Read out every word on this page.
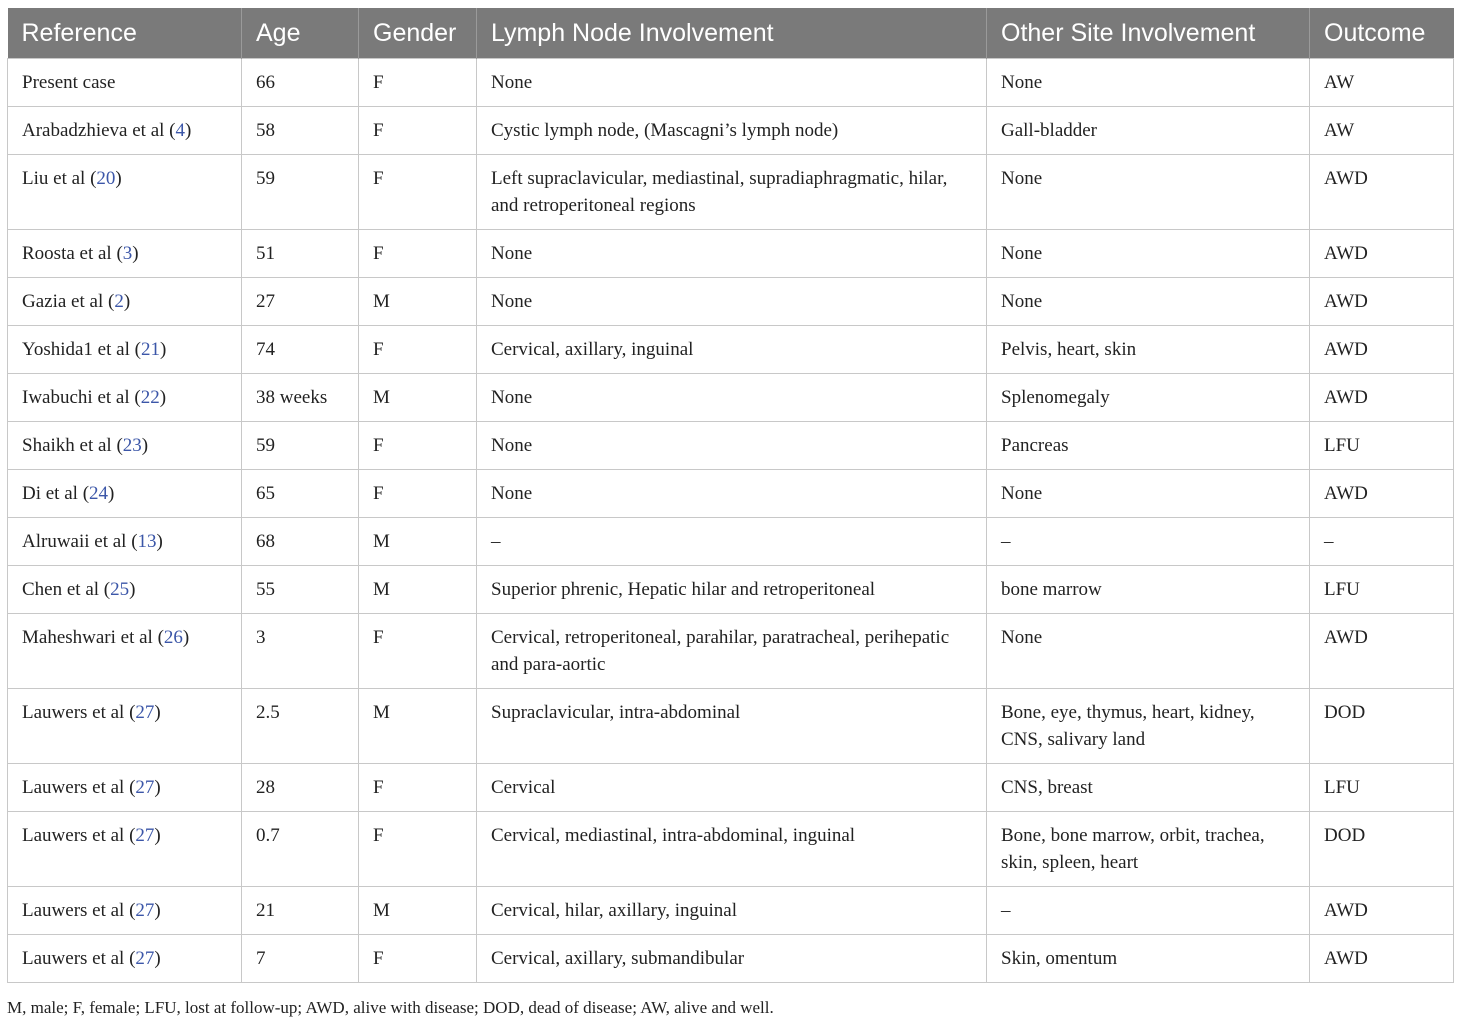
Reference	Age	Gender	Lymph Node Involvement	Other Site Involvement	Outcome
Present case	66	F	None	None	AW
Arabadzhieva et al (4)	58	F	Cystic lymph node, (Mascagni’s lymph node)	Gall-bladder	AW
Liu et al (20)	59	F	Left supraclavicular, mediastinal, supradiaphragmatic, hilar, and retroperitoneal regions	None	AWD
Roosta et al (3)	51	F	None	None	AWD
Gazia et al (2)	27	M	None	None	AWD
Yoshida1 et al (21)	74	F	Cervical, axillary, inguinal	Pelvis, heart, skin	AWD
Iwabuchi et al (22)	38 weeks	M	None	Splenomegaly	AWD
Shaikh et al (23)	59	F	None	Pancreas	LFU
Di et al (24)	65	F	None	None	AWD
Alruwaii et al (13)	68	M	–	–	–
Chen et al (25)	55	M	Superior phrenic, Hepatic hilar and retroperitoneal	bone marrow	LFU
Maheshwari et al (26)	3	F	Cervical, retroperitoneal, parahilar, paratracheal, perihepatic and para-aortic	None	AWD
Lauwers et al (27)	2.5	M	Supraclavicular, intra-abdominal	Bone, eye, thymus, heart, kidney, CNS, salivary land	DOD
Lauwers et al (27)	28	F	Cervical	CNS, breast	LFU
Lauwers et al (27)	0.7	F	Cervical, mediastinal, intra-abdominal, inguinal	Bone, bone marrow, orbit, trachea, skin, spleen, heart	DOD
Lauwers et al (27)	21	M	Cervical, hilar, axillary, inguinal	–	AWD
Lauwers et al (27)	7	F	Cervical, axillary, submandibular	Skin, omentum	AWD
M, male; F, female; LFU, lost at follow-up; AWD, alive with disease; DOD, dead of disease; AW, alive and well.
